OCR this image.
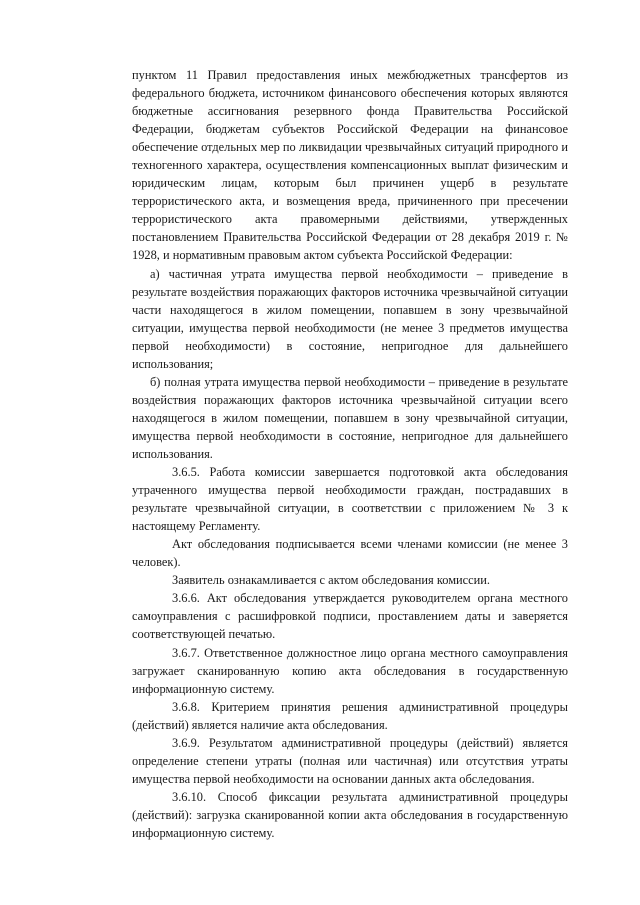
пунктом 11 Правил предоставления иных межбюджетных трансфертов из федерального бюджета, источником финансового обеспечения которых являются бюджетные ассигнования резервного фонда Правительства Российской Федерации, бюджетам субъектов Российской Федерации на финансовое обеспечение отдельных мер по ликвидации чрезвычайных ситуаций природного и техногенного характера, осуществления компенсационных выплат физическим и юридическим лицам, которым был причинен ущерб в результате террористического акта, и возмещения вреда, причиненного при пресечении террористического акта правомерными действиями, утвержденных постановлением Правительства Российской Федерации от 28 декабря 2019 г. № 1928, и нормативным правовым актом субъекта Российской Федерации:

а) частичная утрата имущества первой необходимости – приведение в результате воздействия поражающих факторов источника чрезвычайной ситуации части находящегося в жилом помещении, попавшем в зону чрезвычайной ситуации, имущества первой необходимости (не менее 3 предметов имущества первой необходимости) в состояние, непригодное для дальнейшего использования;

б) полная утрата имущества первой необходимости – приведение в результате воздействия поражающих факторов источника чрезвычайной ситуации всего находящегося в жилом помещении, попавшем в зону чрезвычайной ситуации, имущества первой необходимости в состояние, непригодное для дальнейшего использования.

3.6.5. Работа комиссии завершается подготовкой акта обследования утраченного имущества первой необходимости граждан, пострадавших в результате чрезвычайной ситуации, в соответствии с приложением № 3 к настоящему Регламенту.

Акт обследования подписывается всеми членами комиссии (не менее 3 человек).

Заявитель ознакамливается с актом обследования комиссии.

3.6.6. Акт обследования утверждается руководителем органа местного самоуправления с расшифровкой подписи, проставлением даты и заверяется соответствующей печатью.

3.6.7. Ответственное должностное лицо органа местного самоуправления загружает сканированную копию акта обследования в государственную информационную систему.

3.6.8. Критерием принятия решения административной процедуры (действий) является наличие акта обследования.

3.6.9. Результатом административной процедуры (действий) является определение степени утраты (полная или частичная) или отсутствия утраты имущества первой необходимости на основании данных акта обследования.

3.6.10. Способ фиксации результата административной процедуры (действий): загрузка сканированной копии акта обследования в государственную информационную систему.
